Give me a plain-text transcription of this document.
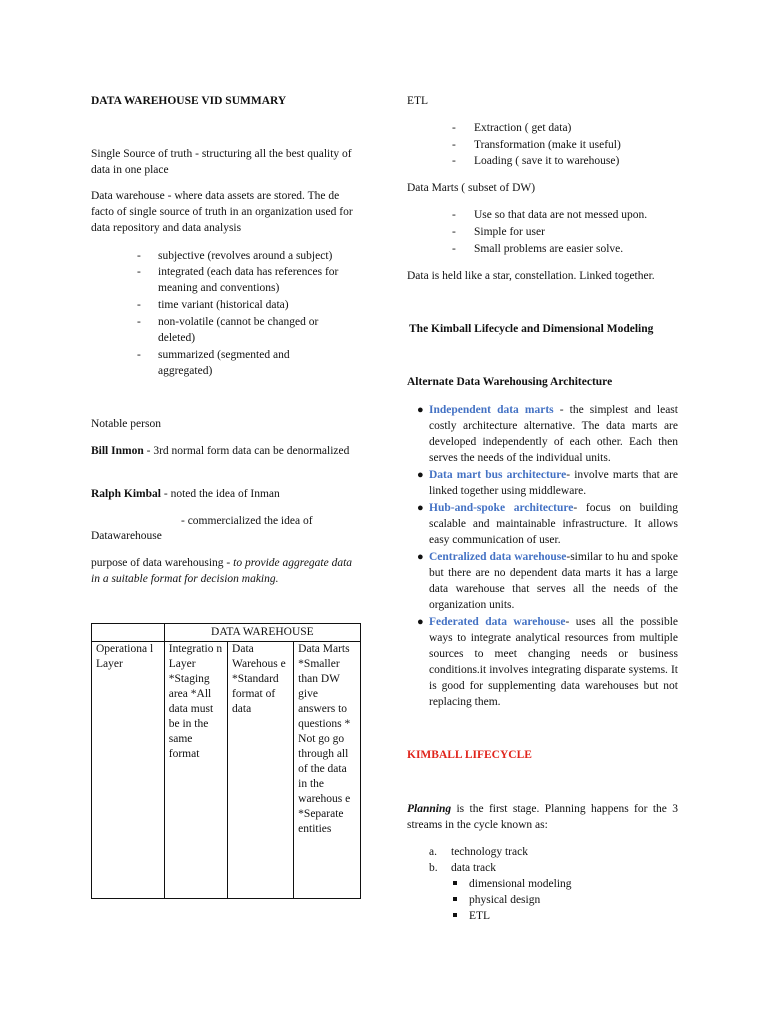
DATA WAREHOUSE VID SUMMARY
Single Source of truth - structuring all the best quality of data in one place
Data warehouse - where data assets are stored. The de facto of single source of truth in an organization used for data repository and data analysis
- subjective (revolves around a subject)
- integrated (each data has references for meaning and conventions)
- time variant (historical data)
- non-volatile (cannot be changed or deleted)
- summarized (segmented and aggregated)
Notable person
Bill Inmon - 3rd normal form data can be denormalized
Ralph Kimbal - noted the idea of Inman
- commercialized the idea of
Datawarehouse
purpose of data warehousing - to provide aggregate data in a suitable format for decision making.
	DATA WAREHOUSE		
Operationa l Layer	Integratio n Layer *Staging area *All data must be in the same format	Data Warehous e *Standard format of data	Data Marts *Smaller than DW give answers to questions * Not go go through all of the data in the warehous e *Separate entities
ETL
- Extraction ( get data)
- Transformation (make it useful)
- Loading ( save it to warehouse)
Data Marts ( subset of DW)
- Use so that data are not messed upon.
- Simple for user
- Small problems are easier solve.
Data is held like a star, constellation. Linked together.
The Kimball Lifecycle and Dimensional Modeling
Alternate Data Warehousing Architecture
● Independent data marts - the simplest and least costly architecture alternative. The data marts are developed independently of each other. Each then serves the needs of the individual units.
● Data mart bus architecture- involve marts that are linked together using middleware.
● Hub-and-spoke architecture- focus on building scalable and maintainable infrastructure. It allows easy communication of user.
● Centralized data warehouse-similar to hu and spoke but there are no dependent data marts it has a large data warehouse that serves all the needs of the organization units.
● Federated data warehouse- uses all the possible ways to integrate analytical resources from multiple sources to meet changing needs or business conditions.it involves integrating disparate systems. It is good for supplementing data warehouses but not replacing them.
KIMBALL LIFECYCLE
Planning is the first stage. Planning happens for the 3 streams in the cycle known as:
a.	technology track
b.	data track
dimensional modeling
physical design
ETL
